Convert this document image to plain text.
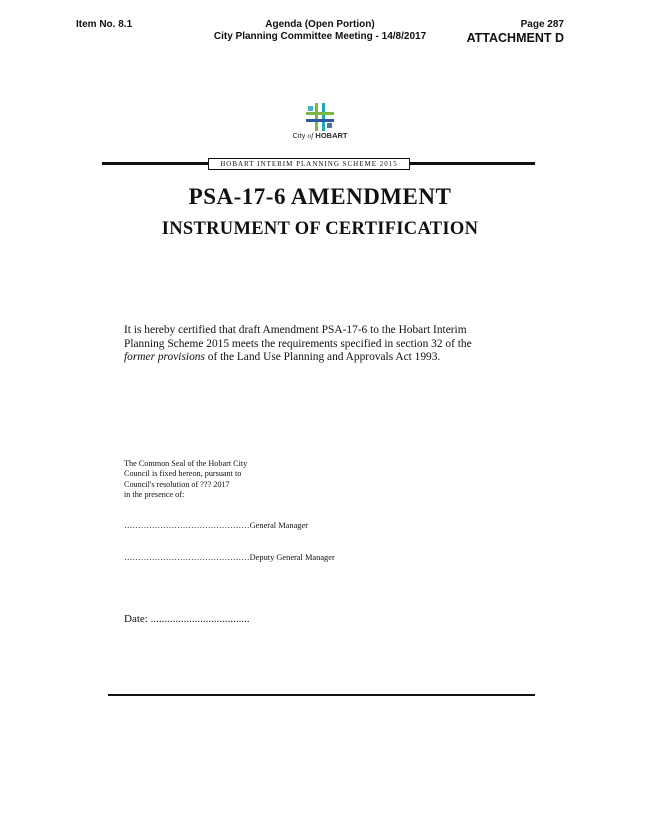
Item No. 8.1	Agenda (Open Portion)
City Planning Committee Meeting - 14/8/2017
Page 287
ATTACHMENT D
City of HOBART
HOBART INTERIM PLANNING SCHEME 2015
PSA-17-6 AMENDMENT
INSTRUMENT OF CERTIFICATION
It is hereby certified that draft Amendment PSA-17-6 to the Hobart Interim Planning Scheme 2015 meets the requirements specified in section 32 of the former provisions of the Land Use Planning and Approvals Act 1993.
The Common Seal of the Hobart City
Council is fixed hereon, pursuant to
Council's resolution of ??? 2017
in the presence of:
………………………………………General Manager
………………………………………Deputy General Manager
Date: ....................................
